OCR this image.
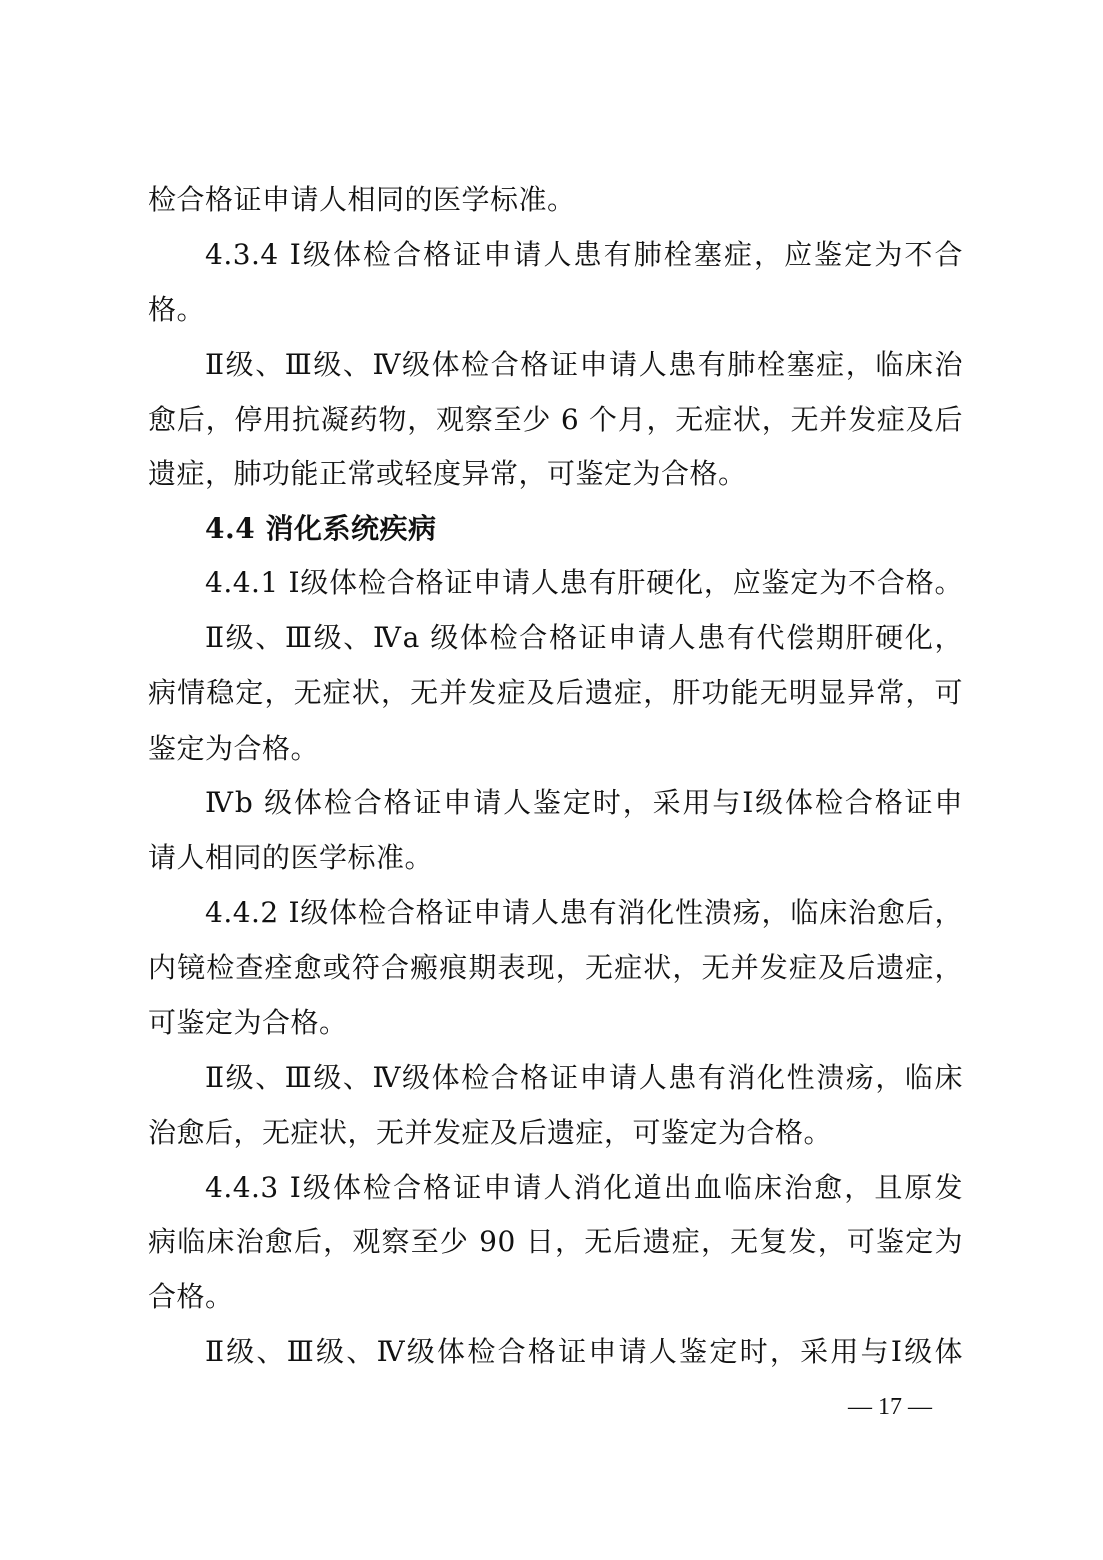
检合格证申请人相同的医学标准。
4.3.4 Ⅰ级体检合格证申请人患有肺栓塞症，应鉴定为不合
格。
Ⅱ级、Ⅲ级、Ⅳ级体检合格证申请人患有肺栓塞症，临床治
愈后，停用抗凝药物，观察至少 6 个月，无症状，无并发症及后
遗症，肺功能正常或轻度异常，可鉴定为合格。
4.4 消化系统疾病
4.4.1 Ⅰ级体检合格证申请人患有肝硬化，应鉴定为不合格。
Ⅱ级、Ⅲ级、Ⅳa 级体检合格证申请人患有代偿期肝硬化，
病情稳定，无症状，无并发症及后遗症，肝功能无明显异常，可
鉴定为合格。
Ⅳb 级体检合格证申请人鉴定时，采用与Ⅰ级体检合格证申
请人相同的医学标准。
4.4.2 Ⅰ级体检合格证申请人患有消化性溃疡，临床治愈后，
内镜检查痊愈或符合瘢痕期表现，无症状，无并发症及后遗症，
可鉴定为合格。
Ⅱ级、Ⅲ级、Ⅳ级体检合格证申请人患有消化性溃疡，临床
治愈后，无症状，无并发症及后遗症，可鉴定为合格。
4.4.3 Ⅰ级体检合格证申请人消化道出血临床治愈，且原发
病临床治愈后，观察至少 90 日，无后遗症，无复发，可鉴定为
合格。
Ⅱ级、Ⅲ级、Ⅳ级体检合格证申请人鉴定时，采用与Ⅰ级体
— 17 —
